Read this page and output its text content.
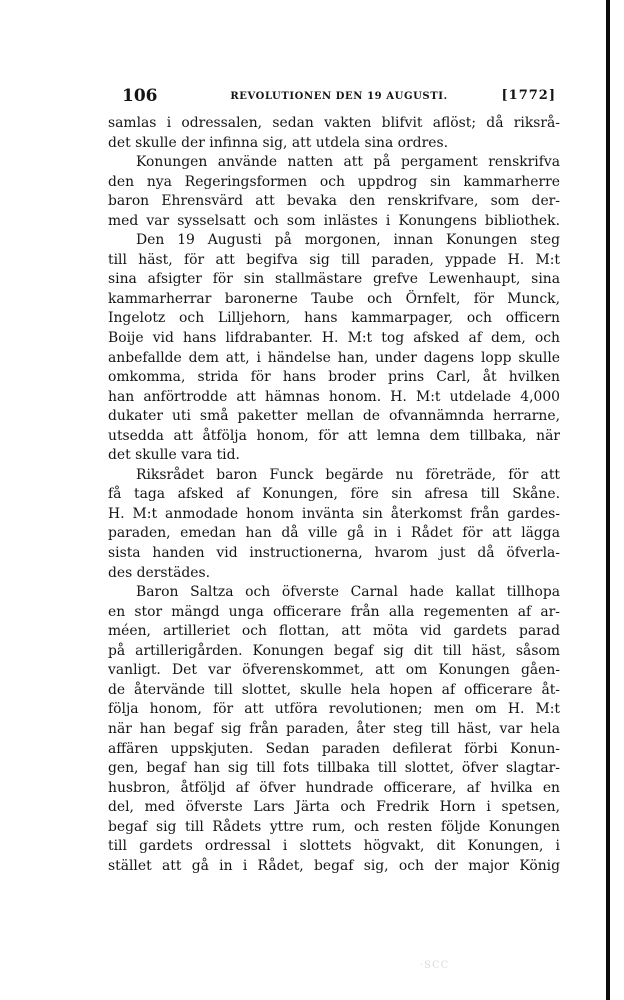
106	REVOLUTIONEN DEN 19 AUGUSTI.	[1772]
samlas i odressalen, sedan vakten blifvit aflöst; då riksrå-
det skulle der infinna sig, att utdela sina ordres.
Konungen använde natten att på pergament renskrifva
den nya Regeringsformen och uppdrog sin kammarherre
baron Ehrensvärd att bevaka den renskrifvare, som der-
med var sysselsatt och som inlästes i Konungens bibliothek.
Den 19 Augusti på morgonen, innan Konungen steg
till häst, för att begifva sig till paraden, yppade H. M:t
sina afsigter för sin stallmästare grefve Lewenhaupt, sina
kammarherrar baronerne Taube och Örnfelt, för Munck,
Ingelotz och Lilljehorn, hans kammarpager, och officern
Boije vid hans lifdrabanter. H. M:t tog afsked af dem, och
anbefallde dem att, i händelse han, under dagens lopp skulle
omkomma, strida för hans broder prins Carl, åt hvilken
han anförtrodde att hämnas honom. H. M:t utdelade 4,000
dukater uti små paketter mellan de ofvannämnda herrarne,
utsedda att åtfölja honom, för att lemna dem tillbaka, när
det skulle vara tid.
Riksrådet baron Funck begärde nu företräde, för att
få taga afsked af Konungen, före sin afresa till Skåne.
H. M:t anmodade honom invänta sin återkomst från gardes-
paraden, emedan han då ville gå in i Rådet för att lägga
sista handen vid instructionerna, hvarom just då öfverla-
des derstädes.
Baron Saltza och öfverste Carnal hade kallat tillhopa
en stor mängd unga officerare från alla regementen af ar-
méen, artilleriet och flottan, att möta vid gardets parad
på artillerigården. Konungen begaf sig dit till häst, såsom
vanligt. Det var öfverenskommet, att om Konungen gåen-
de återvände till slottet, skulle hela hopen af officerare åt-
följa honom, för att utföra revolutionen; men om H. M:t
när han begaf sig från paraden, åter steg till häst, var hela
affären uppskjuten. Sedan paraden defilerat förbi Konun-
gen, begaf han sig till fots tillbaka till slottet, öfver slagtar-
husbron, åtföljd af öfver hundrade officerare, af hvilka en
del, med öfverste Lars Järta och Fredrik Horn i spetsen,
begaf sig till Rådets yttre rum, och resten följde Konungen
till gardets ordressal i slottets högvakt, dit Konungen, i
stället att gå in i Rådet, begaf sig, och der major König
·SCC
